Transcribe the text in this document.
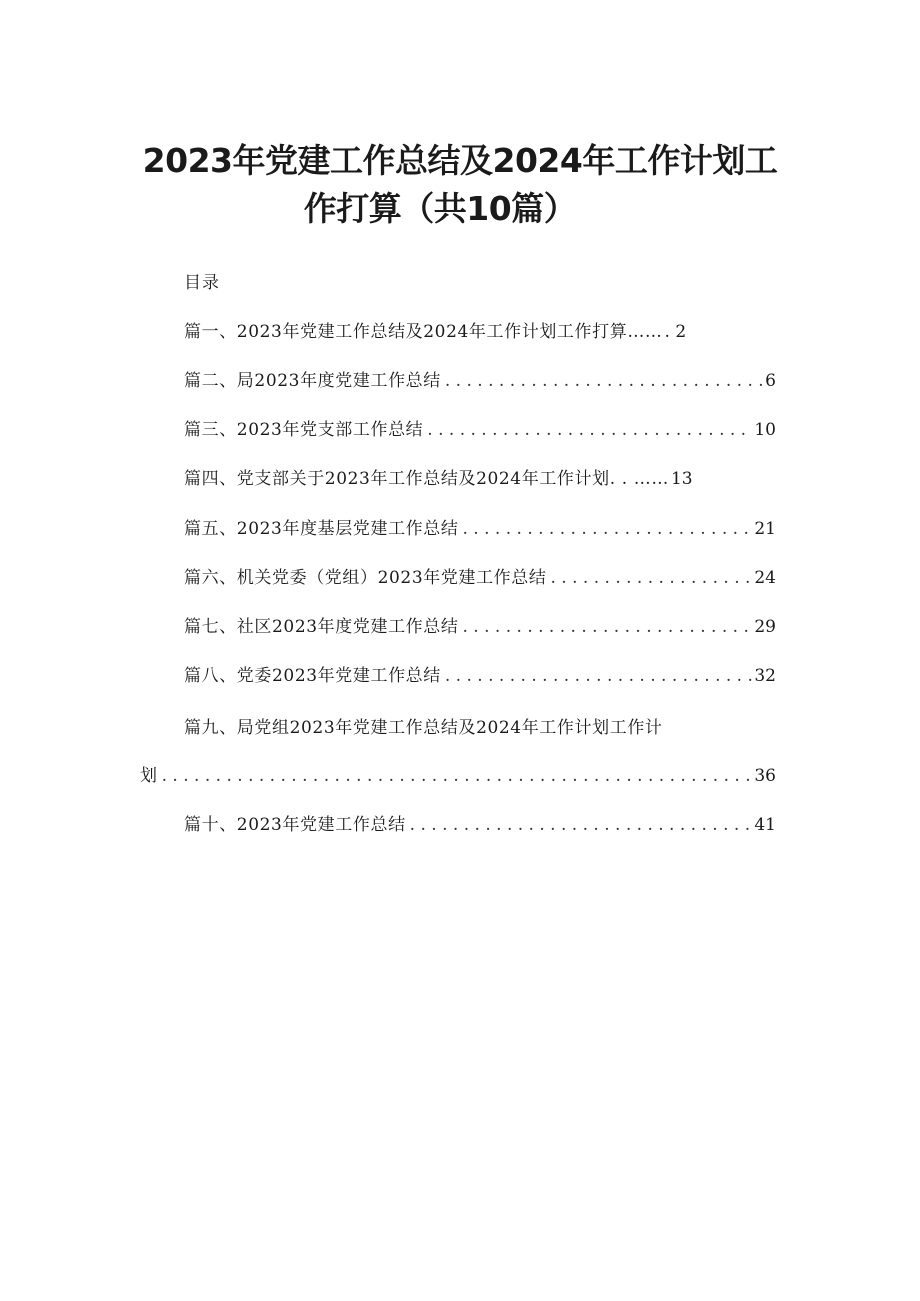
2023年党建工作总结及2024年工作计划工
作打算（共10篇）
目录
篇一、2023年党建工作总结及2024年工作计划工作打算…… . 2
篇二、局2023年度党建工作总结 . . .	6
篇三、2023年党支部工作总结 . . .	10
篇四、党支部关于2023年工作总结及2024年工作计划. . …… 13
篇五、2023年度基层党建工作总结 . . .	21
篇六、机关党委（党组）2023年党建工作总结 . . .	24
篇七、社区2023年度党建工作总结 . . .	29
篇八、党委2023年党建工作总结 . . .	32
篇九、局党组2023年党建工作总结及2024年工作计划工作计
划 . . .	36
篇十、2023年党建工作总结 . . .	41
